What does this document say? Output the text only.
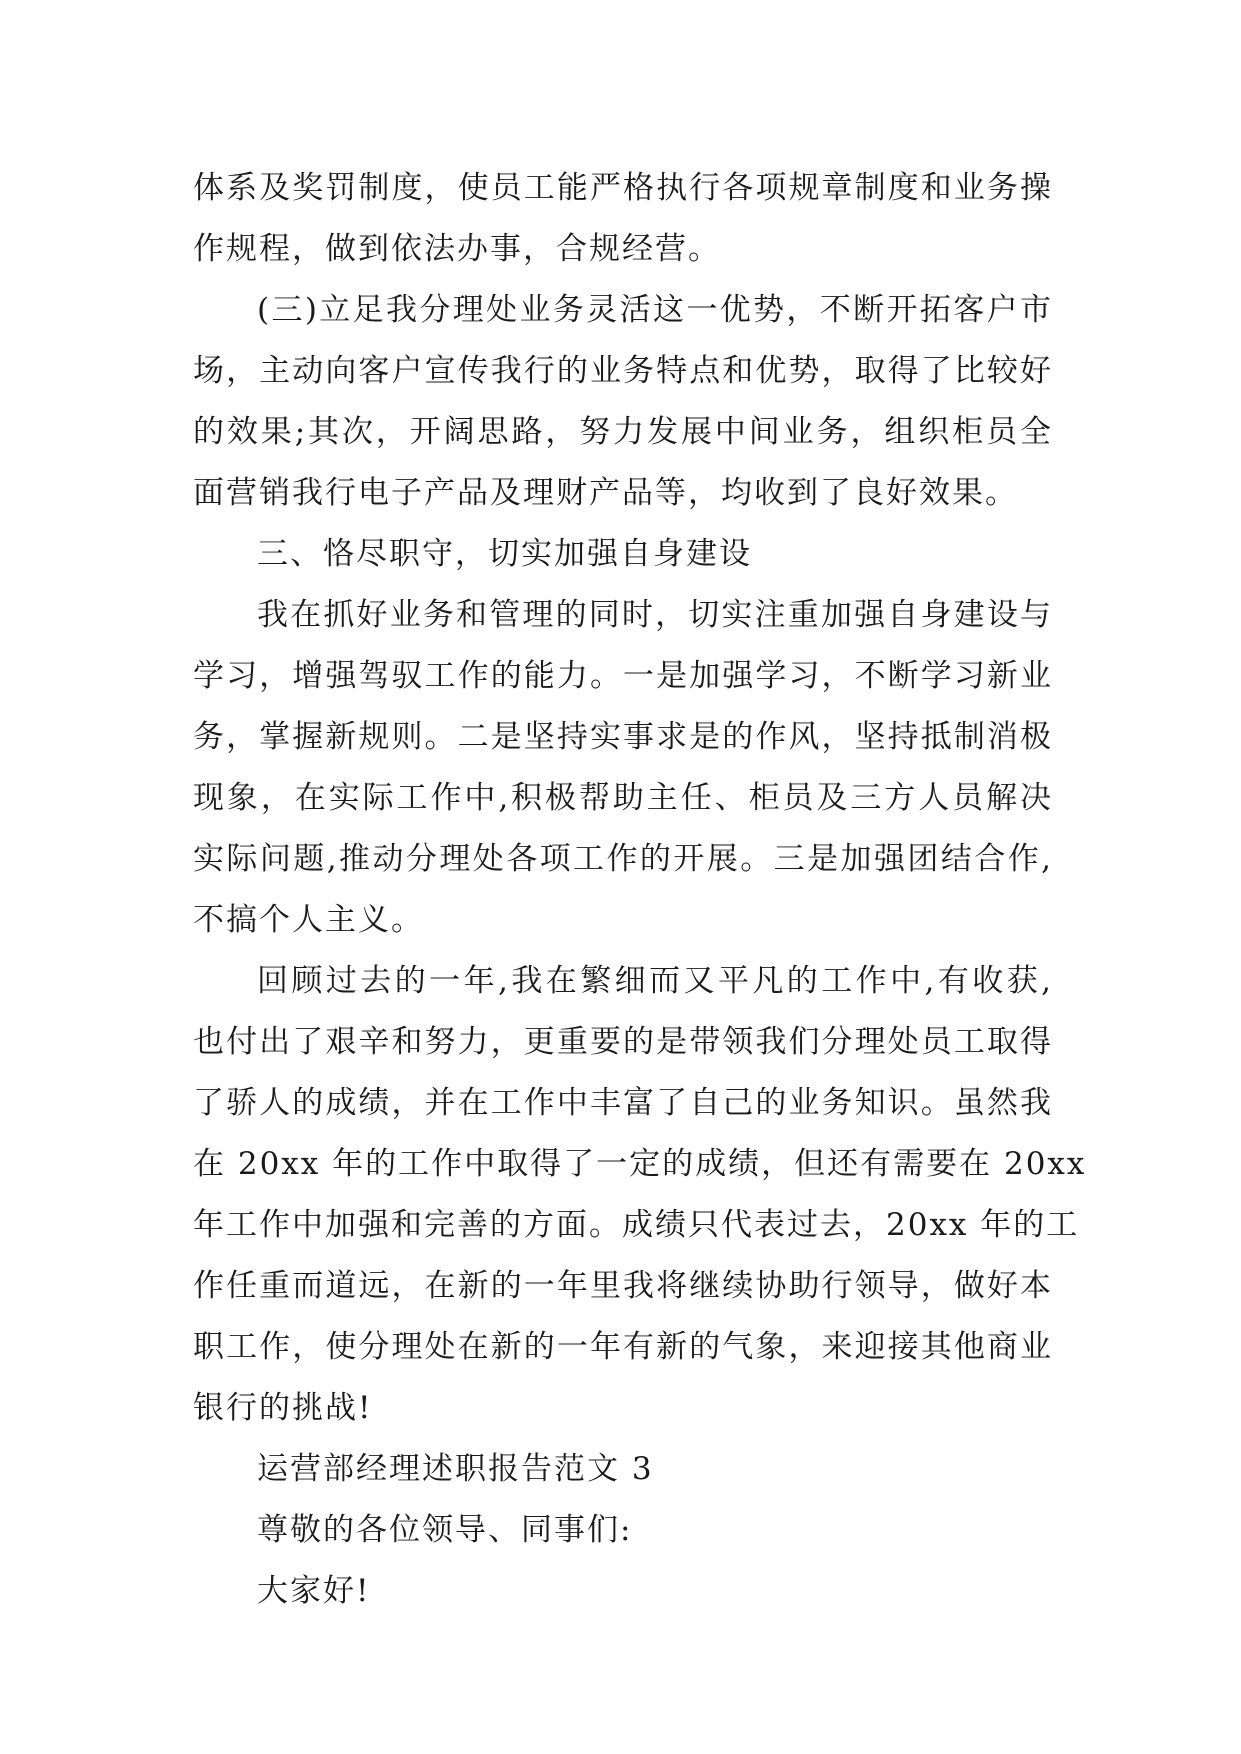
体系及奖罚制度，使员工能严格执行各项规章制度和业务操
作规程，做到依法办事，合规经营。
(三)立足我分理处业务灵活这一优势，不断开拓客户市
场，主动向客户宣传我行的业务特点和优势，取得了比较好
的效果;其次，开阔思路，努力发展中间业务，组织柜员全
面营销我行电子产品及理财产品等，均收到了良好效果。
三、恪尽职守，切实加强自身建设
我在抓好业务和管理的同时，切实注重加强自身建设与
学习，增强驾驭工作的能力。一是加强学习，不断学习新业
务，掌握新规则。二是坚持实事求是的作风，坚持抵制消极
现象，在实际工作中,积极帮助主任、柜员及三方人员解决
实际问题,推动分理处各项工作的开展。三是加强团结合作,
不搞个人主义。
回顾过去的一年,我在繁细而又平凡的工作中,有收获,
也付出了艰辛和努力，更重要的是带领我们分理处员工取得
了骄人的成绩，并在工作中丰富了自己的业务知识。虽然我
在 20xx 年的工作中取得了一定的成绩，但还有需要在 20xx
年工作中加强和完善的方面。成绩只代表过去，20xx 年的工
作任重而道远，在新的一年里我将继续协助行领导，做好本
职工作，使分理处在新的一年有新的气象，来迎接其他商业
银行的挑战!
运营部经理述职报告范文 3
尊敬的各位领导、同事们:
大家好!
